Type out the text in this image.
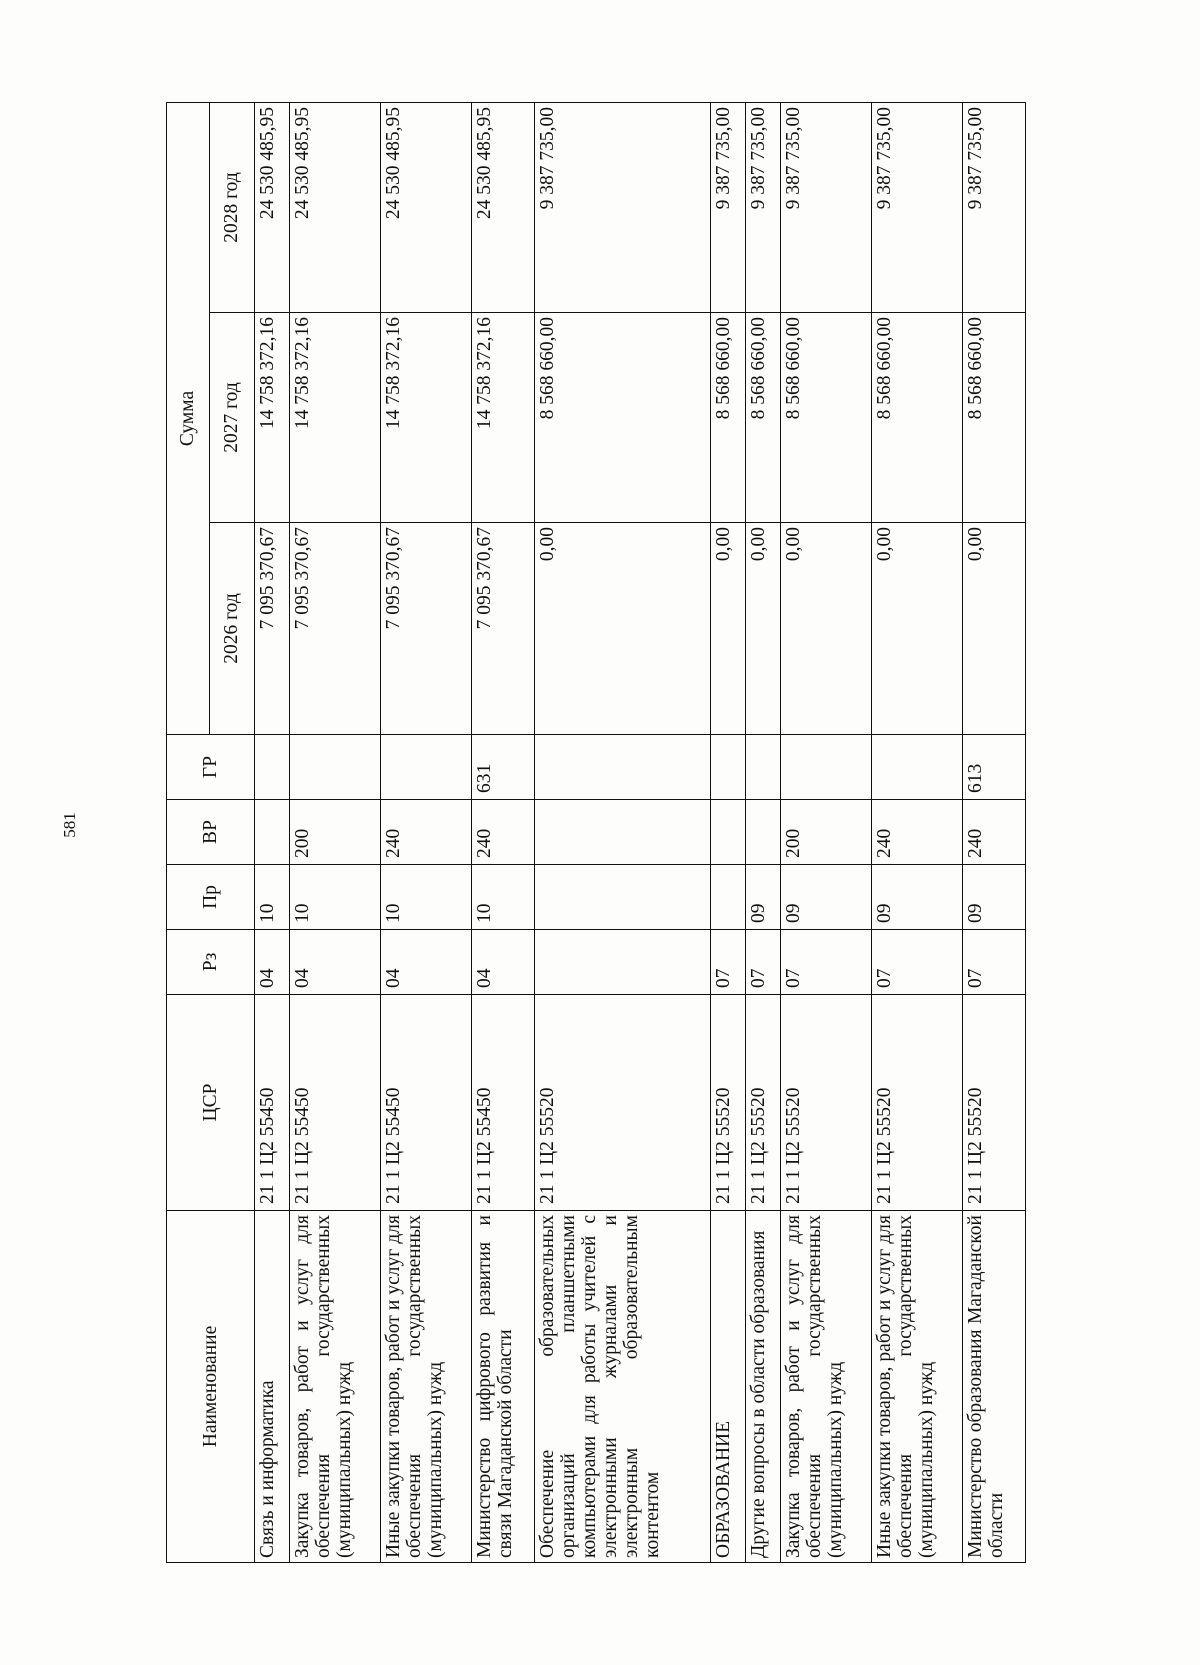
581
Наименование	ЦСР	Рз	Пр	ВР	ГР	Сумма		
						2026 год	2027 год	2028 год
Связь и информатика	21 1 Ц2 55450	04	10			7 095 370,67	14 758 372,16	24 530 485,95
Закупка товаров, работ и услуг для обеспечения государственных (муниципальных) нужд	21 1 Ц2 55450	04	10	200		7 095 370,67	14 758 372,16	24 530 485,95
Иные закупки товаров, работ и услуг для обеспечения государственных (муниципальных) нужд	21 1 Ц2 55450	04	10	240		7 095 370,67	14 758 372,16	24 530 485,95
Министерство цифрового развития и связи Магаданской области	21 1 Ц2 55450	04	10	240	631	7 095 370,67	14 758 372,16	24 530 485,95
Обеспечение образовательных организаций планшетными компьютерами для работы учителей с электронными журналами и электронным образовательным контентом	21 1 Ц2 55520					0,00	8 568 660,00	9 387 735,00
ОБРАЗОВАНИЕ	21 1 Ц2 55520	07				0,00	8 568 660,00	9 387 735,00
Другие вопросы в области образования	21 1 Ц2 55520	07	09			0,00	8 568 660,00	9 387 735,00
Закупка товаров, работ и услуг для обеспечения государственных (муниципальных) нужд	21 1 Ц2 55520	07	09	200		0,00	8 568 660,00	9 387 735,00
Иные закупки товаров, работ и услуг для обеспечения государственных (муниципальных) нужд	21 1 Ц2 55520	07	09	240		0,00	8 568 660,00	9 387 735,00
Министерство образования Магаданской области	21 1 Ц2 55520	07	09	240	613	0,00	8 568 660,00	9 387 735,00
